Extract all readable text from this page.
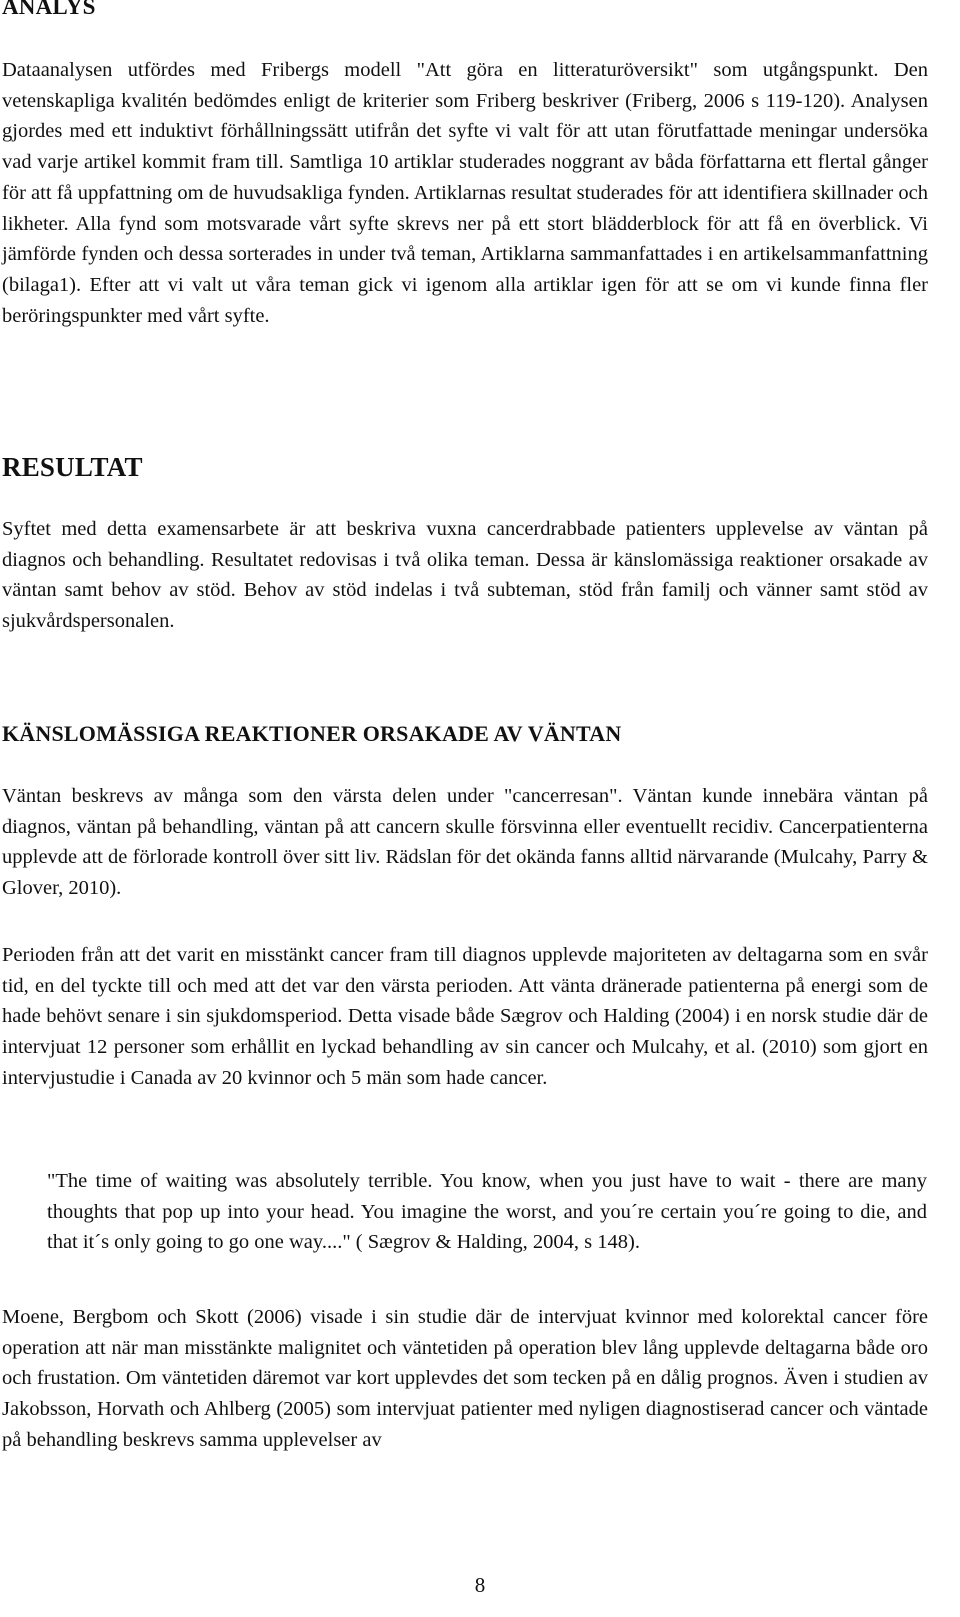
ANALYS

Dataanalysen utfördes med Fribergs modell "Att göra en litteraturöversikt" som utgångspunkt. Den vetenskapliga kvalitén bedömdes enligt de kriterier som Friberg beskriver (Friberg, 2006 s 119-120). Analysen gjordes med ett induktivt förhållningssätt utifrån det syfte vi valt för att utan förutfattade meningar undersöka vad varje artikel kommit fram till. Samtliga 10 artiklar studerades noggrant av båda författarna ett flertal gånger för att få uppfattning om de huvudsakliga fynden. Artiklarnas resultat studerades för att identifiera skillnader och likheter. Alla fynd som motsvarade vårt syfte skrevs ner på ett stort blädderblock för att få en överblick. Vi jämförde fynden och dessa sorterades in under två teman, Artiklarna sammanfattades i en artikelsammanfattning (bilaga1). Efter att vi valt ut våra teman gick vi igenom alla artiklar igen för att se om vi kunde finna fler beröringspunkter med vårt syfte.

RESULTAT

Syftet med detta examensarbete är att beskriva vuxna cancerdrabbade patienters upplevelse av väntan på diagnos och behandling. Resultatet redovisas i två olika teman. Dessa är känslomässiga reaktioner orsakade av väntan samt behov av stöd. Behov av stöd indelas i två subteman, stöd från familj och vänner samt stöd av sjukvårdspersonalen.

KÄNSLOMÄSSIGA REAKTIONER ORSAKADE AV VÄNTAN

Väntan beskrevs av många som den värsta delen under "cancerresan". Väntan kunde innebära väntan på diagnos, väntan på behandling, väntan på att cancern skulle försvinna eller eventuellt recidiv. Cancerpatienterna upplevde att de förlorade kontroll över sitt liv. Rädslan för det okända fanns alltid närvarande (Mulcahy, Parry & Glover, 2010).

Perioden från att det varit en misstänkt cancer fram till diagnos upplevde majoriteten av deltagarna som en svår tid, en del tyckte till och med att det var den värsta perioden. Att vänta dränerade patienterna på energi som de hade behövt senare i sin sjukdomsperiod. Detta visade både Sægrov och Halding (2004) i en norsk studie där de intervjuat 12 personer som erhållit en lyckad behandling av sin cancer och Mulcahy, et al. (2010) som gjort en intervjustudie i Canada av 20 kvinnor och 5 män som hade cancer.

"The time of waiting was absolutely terrible. You know, when you just have to wait - there are many thoughts that pop up into your head. You imagine the worst, and you´re certain you´re going to die, and that it´s only going to go one way...." ( Sægrov & Halding, 2004, s 148).

Moene, Bergbom och Skott (2006) visade i sin studie där de intervjuat kvinnor med kolorektal cancer före operation att när man misstänkte malignitet och väntetiden på operation blev lång upplevde deltagarna både oro och frustation. Om väntetiden däremot var kort upplevdes det som tecken på en dålig prognos. Även i studien av Jakobsson, Horvath och Ahlberg (2005) som intervjuat patienter med nyligen diagnostiserad cancer och väntade på behandling beskrevs samma upplevelser av

8
